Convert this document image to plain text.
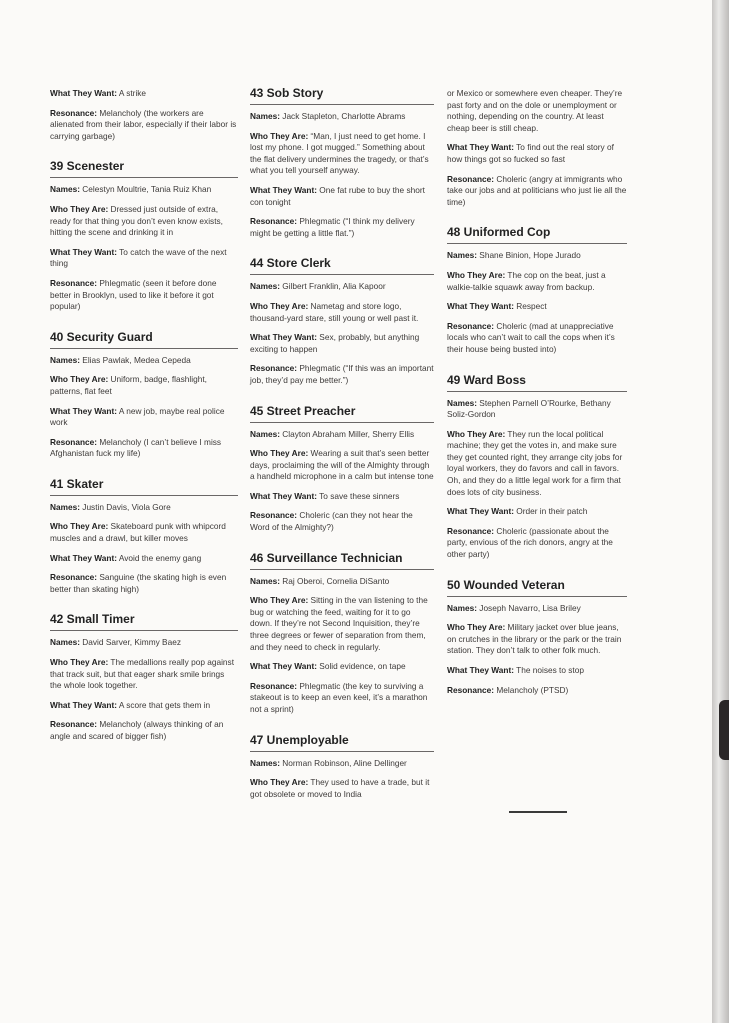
What They Want: A strike

Resonance: Melancholy (the workers are alienated from their labor, especially if their labor is carrying garbage)

39 Scenester

Names: Celestyn Moultrie, Tania Ruiz Khan

Who They Are: Dressed just outside of extra, ready for that thing you don’t even know exists, hitting the scene and drinking it in

What They Want: To catch the wave of the next thing

Resonance: Phlegmatic (seen it before done better in Brooklyn, used to like it before it got popular)

40 Security Guard

Names: Elias Pawlak, Medea Cepeda

Who They Are: Uniform, badge, flashlight, patterns, flat feet

What They Want: A new job, maybe real police work

Resonance: Melancholy (I can’t believe I miss Afghanistan fuck my life)

41 Skater

Names: Justin Davis, Viola Gore

Who They Are: Skateboard punk with whipcord muscles and a drawl, but killer moves

What They Want: Avoid the enemy gang

Resonance: Sanguine (the skating high is even better than skating high)

42 Small Timer

Names: David Sarver, Kimmy Baez

Who They Are: The medallions really pop against that track suit, but that eager shark smile brings the whole look together.

What They Want: A score that gets them in

Resonance: Melancholy (always thinking of an angle and scared of bigger fish)

43 Sob Story

Names: Jack Stapleton, Charlotte Abrams

Who They Are: “Man, I just need to get home. I lost my phone. I got mugged.” Something about the flat delivery undermines the tragedy, or that’s what you tell yourself anyway.

What They Want: One fat rube to buy the short con tonight

Resonance: Phlegmatic (“I think my delivery might be getting a little flat.”)

44 Store Clerk

Names: Gilbert Franklin, Alia Kapoor

Who They Are: Nametag and store logo, thousand-yard stare, still young or well past it.

What They Want: Sex, probably, but anything exciting to happen

Resonance: Phlegmatic (“If this was an important job, they’d pay me better.”)

45 Street Preacher

Names: Clayton Abraham Miller, Sherry Ellis

Who They Are: Wearing a suit that’s seen better days, proclaiming the will of the Almighty through a handheld microphone in a calm but intense tone

What They Want: To save these sinners

Resonance: Choleric (can they not hear the Word of the Almighty?)

46 Surveillance Technician

Names: Raj Oberoi, Cornelia DiSanto

Who They Are: Sitting in the van listening to the bug or watching the feed, waiting for it to go down. If they’re not Second Inquisition, they’re three degrees or fewer of separation from them, and they need to check in regularly.

What They Want: Solid evidence, on tape

Resonance: Phlegmatic (the key to surviving a stakeout is to keep an even keel, it’s a marathon not a sprint)

47 Unemployable

Names: Norman Robinson, Aline Dellinger

Who They Are: They used to have a trade, but it got obsolete or moved to India

or Mexico or somewhere even cheaper. They’re past forty and on the dole or unemployment or nothing, depending on the country. At least cheap beer is still cheap.

What They Want: To find out the real story of how things got so fucked so fast

Resonance: Choleric (angry at immigrants who take our jobs and at politicians who just lie all the time)

48 Uniformed Cop

Names: Shane Binion, Hope Jurado

Who They Are: The cop on the beat, just a walkie-talkie squawk away from backup.

What They Want: Respect

Resonance: Choleric (mad at unappreciative locals who can’t wait to call the cops when it’s their house being busted into)

49 Ward Boss

Names: Stephen Parnell O’Rourke, Bethany Soliz-Gordon

Who They Are: They run the local political machine; they get the votes in, and make sure they get counted right, they arrange city jobs for loyal workers, they do favors and call in favors. Oh, and they do a little legal work for a firm that does lots of city business.

What They Want: Order in their patch

Resonance: Choleric (passionate about the party, envious of the rich donors, angry at the other party)

50 Wounded Veteran

Names: Joseph Navarro, Lisa Briley

Who They Are: Military jacket over blue jeans, on crutches in the library or the park or the train station. They don’t talk to other folk much.

What They Want: The noises to stop

Resonance: Melancholy (PTSD)
